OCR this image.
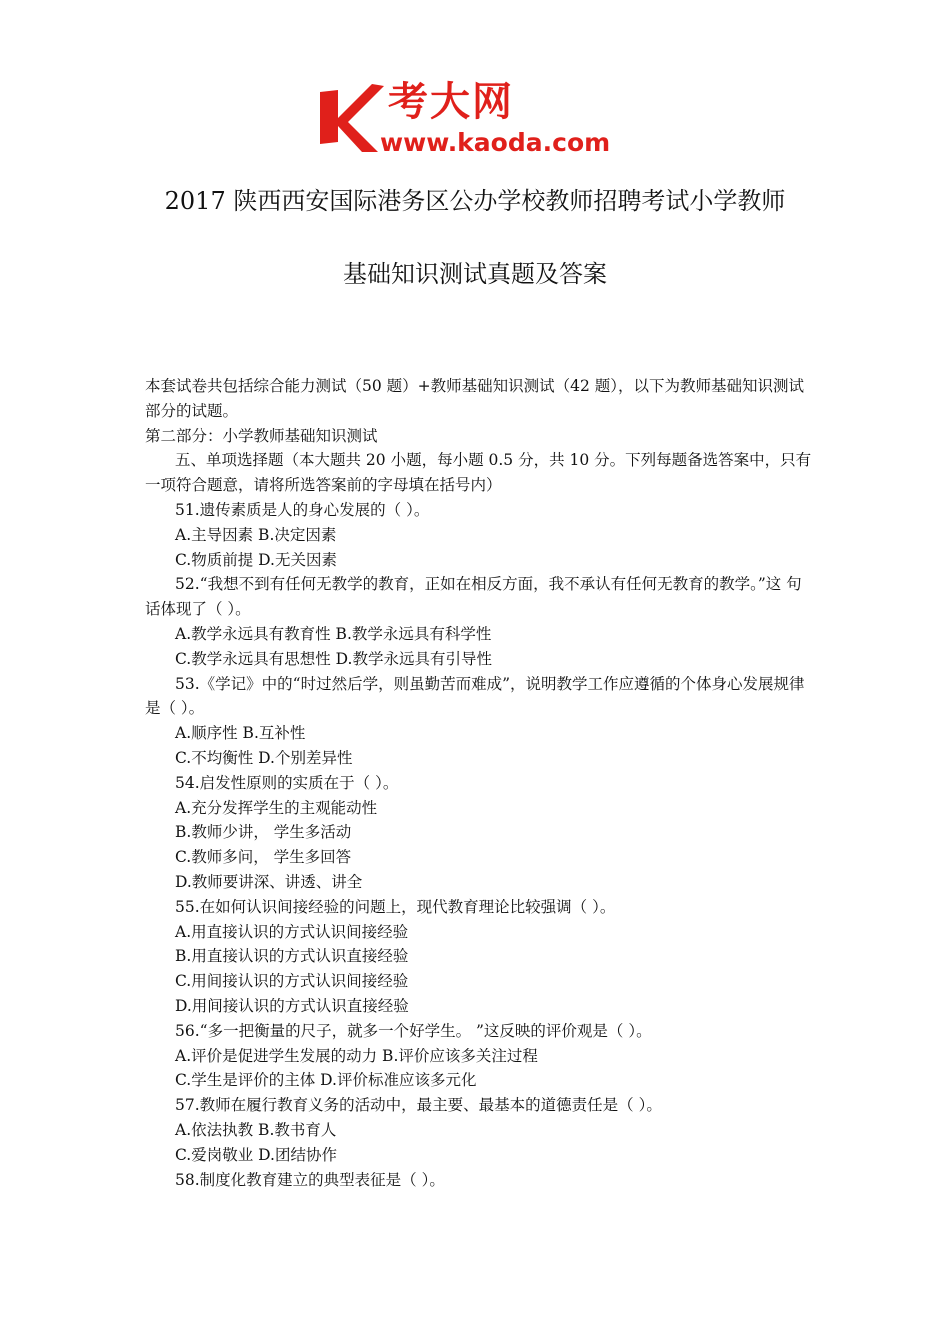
考大网
www.kaoda.com
2017 陕西西安国际港务区公办学校教师招聘考试小学教师
基础知识测试真题及答案

本套试卷共包括综合能力测试（50 题）+教师基础知识测试（42 题），以下为教师基础知识测试部分的试题。

第二部分：小学教师基础知识测试

五、单项选择题（本大题共 20 小题，每小题 0.5 分，共 10 分。下列每题备选答案中，只有一项符合题意，请将所选答案前的字母填在括号内）

51.遗传素质是人的身心发展的（ ）。

A.主导因素 B.决定因素

C.物质前提 D.无关因素

52.“我想不到有任何无教学的教育，正如在相反方面，我不承认有任何无教育的教学。”这 句话体现了（ ）。

A.教学永远具有教育性 B.教学永远具有科学性

C.教学永远具有思想性 D.教学永远具有引导性

53.《学记》中的“时过然后学，则虽勤苦而难成”，说明教学工作应遵循的个体身心发展规律 是（ ）。

A.顺序性 B.互补性

C.不均衡性 D.个别差异性

54.启发性原则的实质在于（ ）。

A.充分发挥学生的主观能动性

B.教师少讲， 学生多活动

C.教师多问， 学生多回答

D.教师要讲深、讲透、讲全

55.在如何认识间接经验的问题上，现代教育理论比较强调（ ）。

A.用直接认识的方式认识间接经验

B.用直接认识的方式认识直接经验

C.用间接认识的方式认识间接经验

D.用间接认识的方式认识直接经验

56.“多一把衡量的尺子，就多一个好学生。 ”这反映的评价观是（ ）。

A.评价是促进学生发展的动力 B.评价应该多关注过程

C.学生是评价的主体 D.评价标准应该多元化

57.教师在履行教育义务的活动中，最主要、最基本的道德责任是（ ）。

A.依法执教 B.教书育人

C.爱岗敬业 D.团结协作

58.制度化教育建立的典型表征是（ ）。
